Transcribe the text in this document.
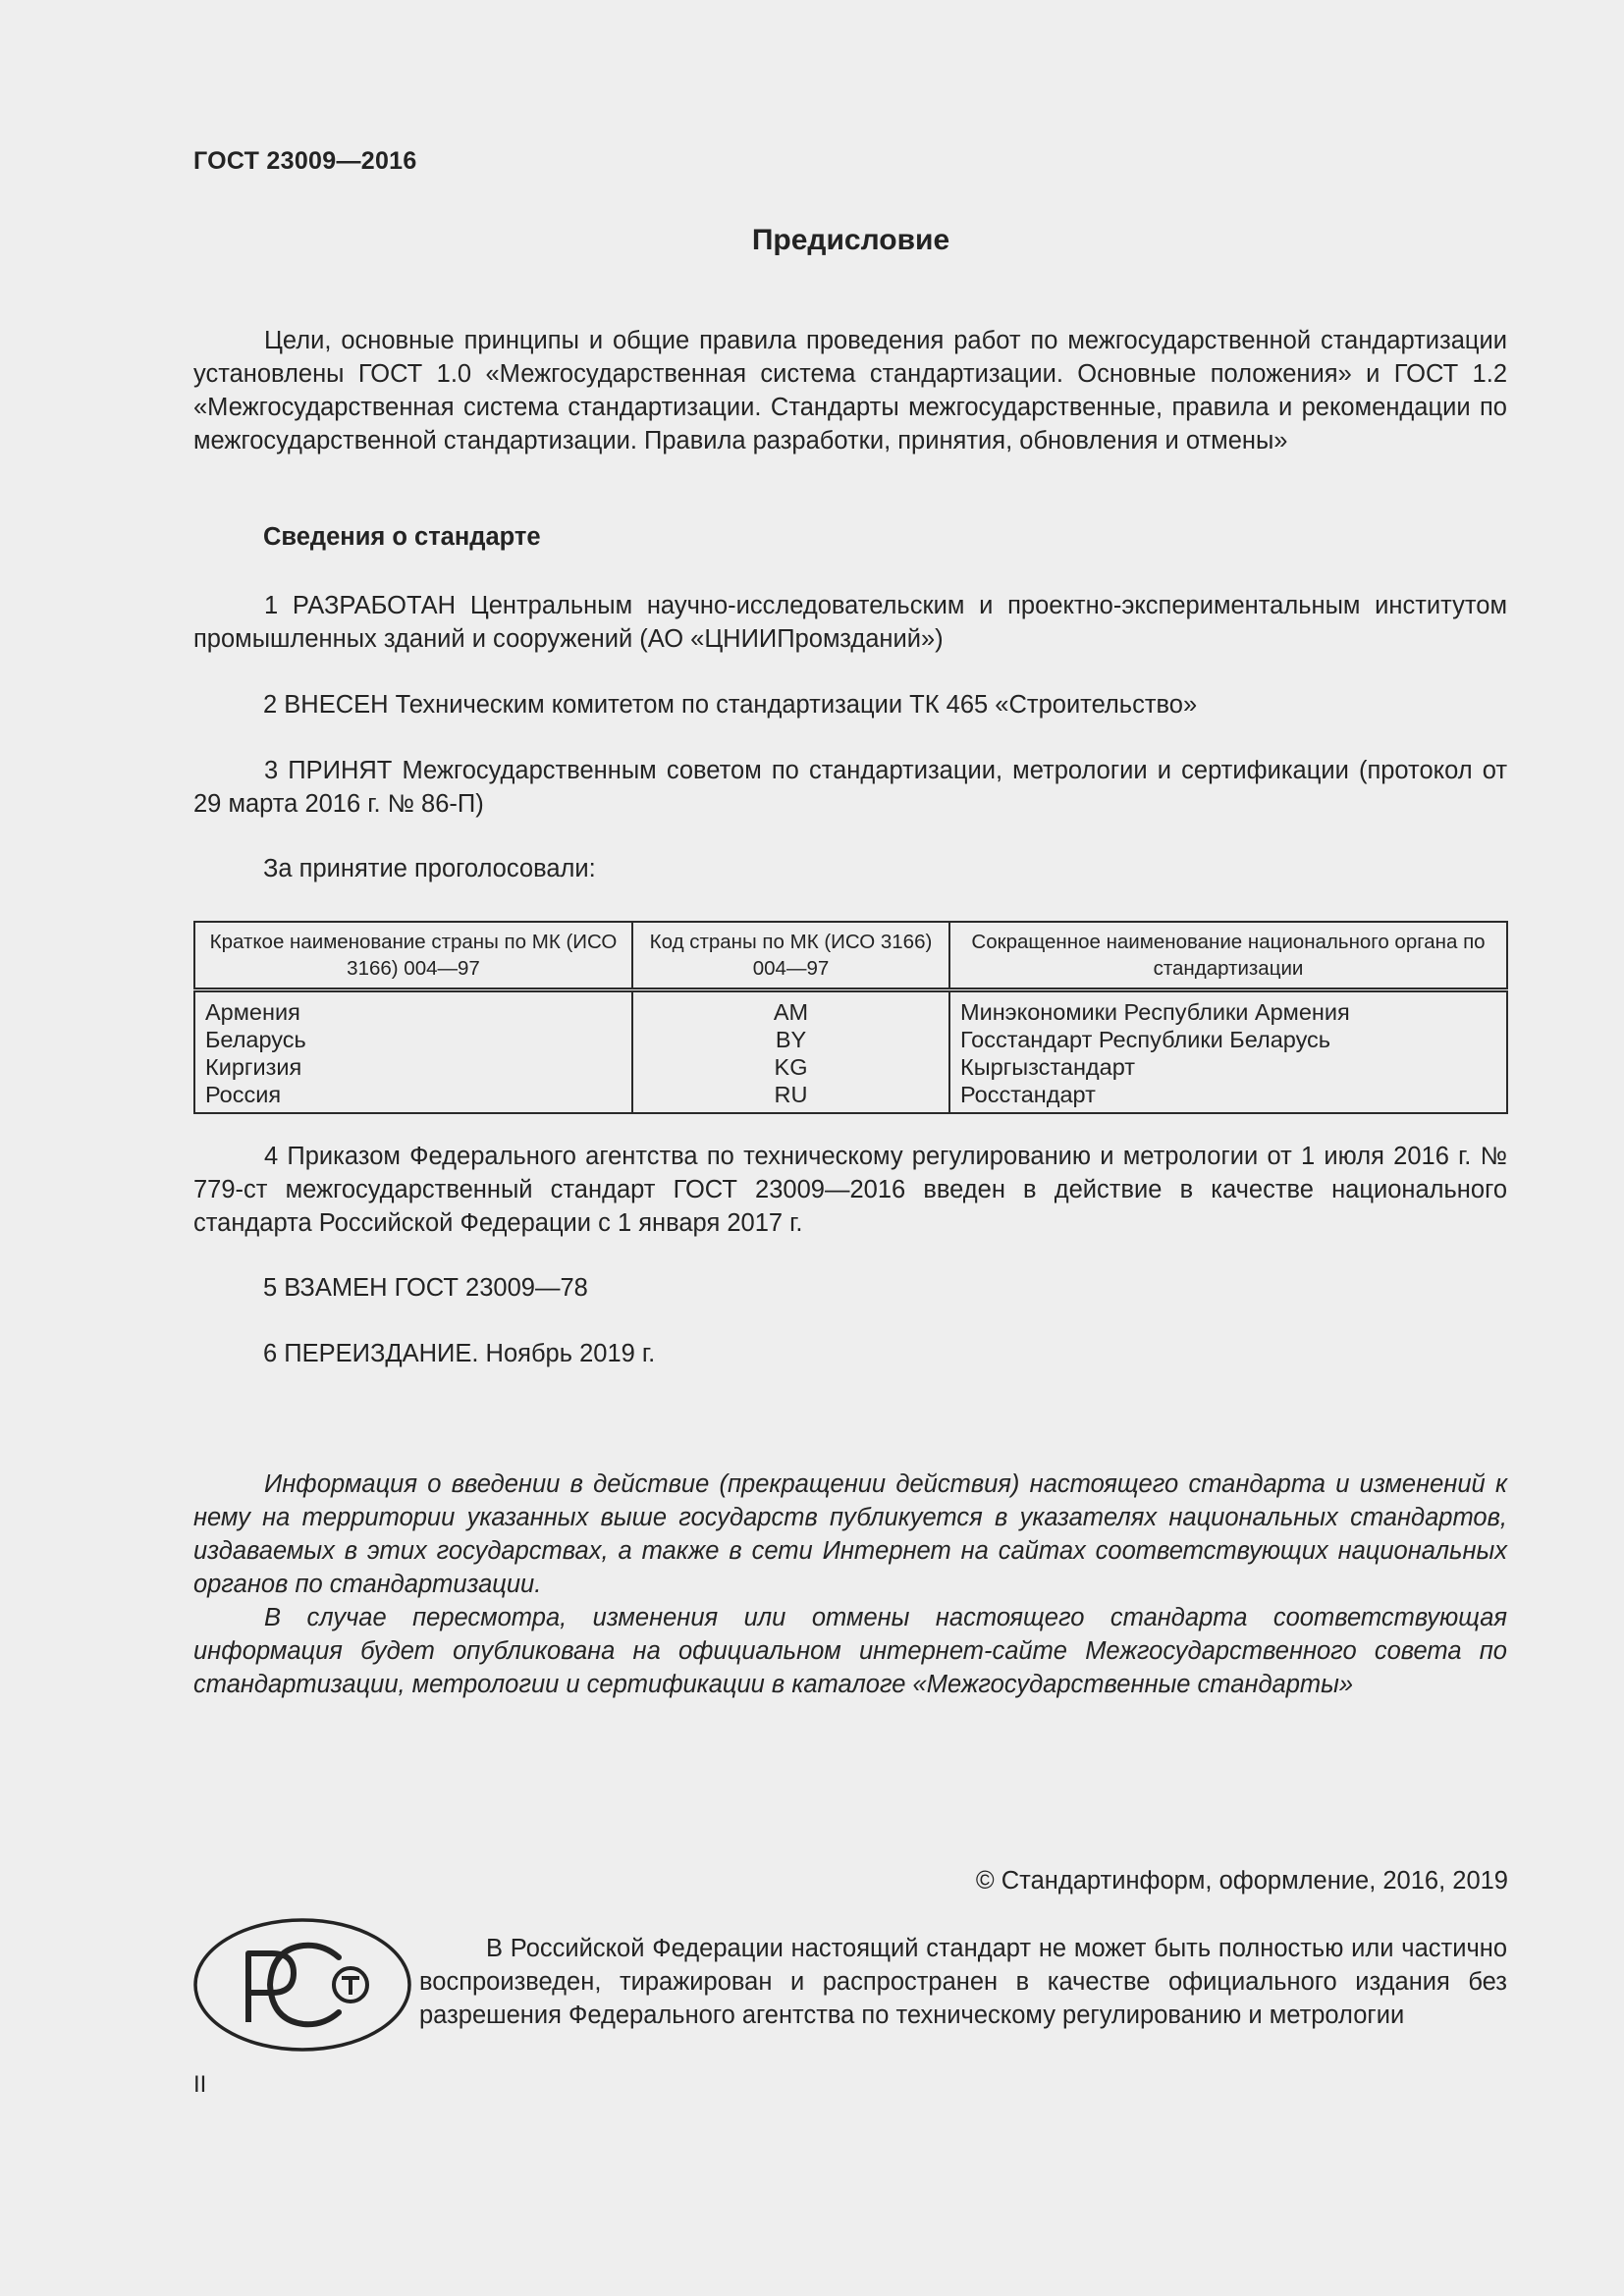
ГОСТ 23009—2016
Предисловие

Цели, основные принципы и общие правила проведения работ по межгосударственной стандартизации установлены ГОСТ 1.0 «Межгосударственная система стандартизации. Основные положения» и ГОСТ 1.2 «Межгосударственная система стандартизации. Стандарты межгосударственные, правила и рекомендации по межгосударственной стандартизации. Правила разработки, принятия, обновления и отмены»

Сведения о стандарте

1 РАЗРАБОТАН Центральным научно-исследовательским и проектно-экспериментальным институтом промышленных зданий и сооружений (АО «ЦНИИПромзданий»)

2 ВНЕСЕН Техническим комитетом по стандартизации ТК 465 «Строительство»

3 ПРИНЯТ Межгосударственным советом по стандартизации, метрологии и сертификации (протокол от 29 марта 2016 г. № 86-П)

За принятие проголосовали:

Краткое наименование страны по МК (ИСО 3166) 004—97	Код страны по МК (ИСО 3166) 004—97	Сокращенное наименование национального органа по стандартизации
Армения	AM	Минэкономики Республики Армения
Беларусь	BY	Госстандарт Республики Беларусь
Киргизия	KG	Кыргызстандарт
Россия	RU	Росстандарт

4 Приказом Федерального агентства по техническому регулированию и метрологии от 1 июля 2016 г. № 779-ст межгосударственный стандарт ГОСТ 23009—2016 введен в действие в качестве национального стандарта Российской Федерации с 1 января 2017 г.

5 ВЗАМЕН ГОСТ 23009—78

6 ПЕРЕИЗДАНИЕ. Ноябрь 2019 г.

Информация о введении в действие (прекращении действия) настоящего стандарта и изменений к нему на территории указанных выше государств публикуется в указателях национальных стандартов, издаваемых в этих государствах, а также в сети Интернет на сайтах соответствующих национальных органов по стандартизации.

В случае пересмотра, изменения или отмены настоящего стандарта соответствующая информация будет опубликована на официальном интернет-сайте Межгосударственного совета по стандартизации, метрологии и сертификации в каталоге «Межгосударственные стандарты»

© Стандартинформ, оформление, 2016, 2019

В Российской Федерации настоящий стандарт не может быть полностью или частично воспроизведен, тиражирован и распространен в качестве официального издания без разрешения Федерального агентства по техническому регулированию и метрологии

II
